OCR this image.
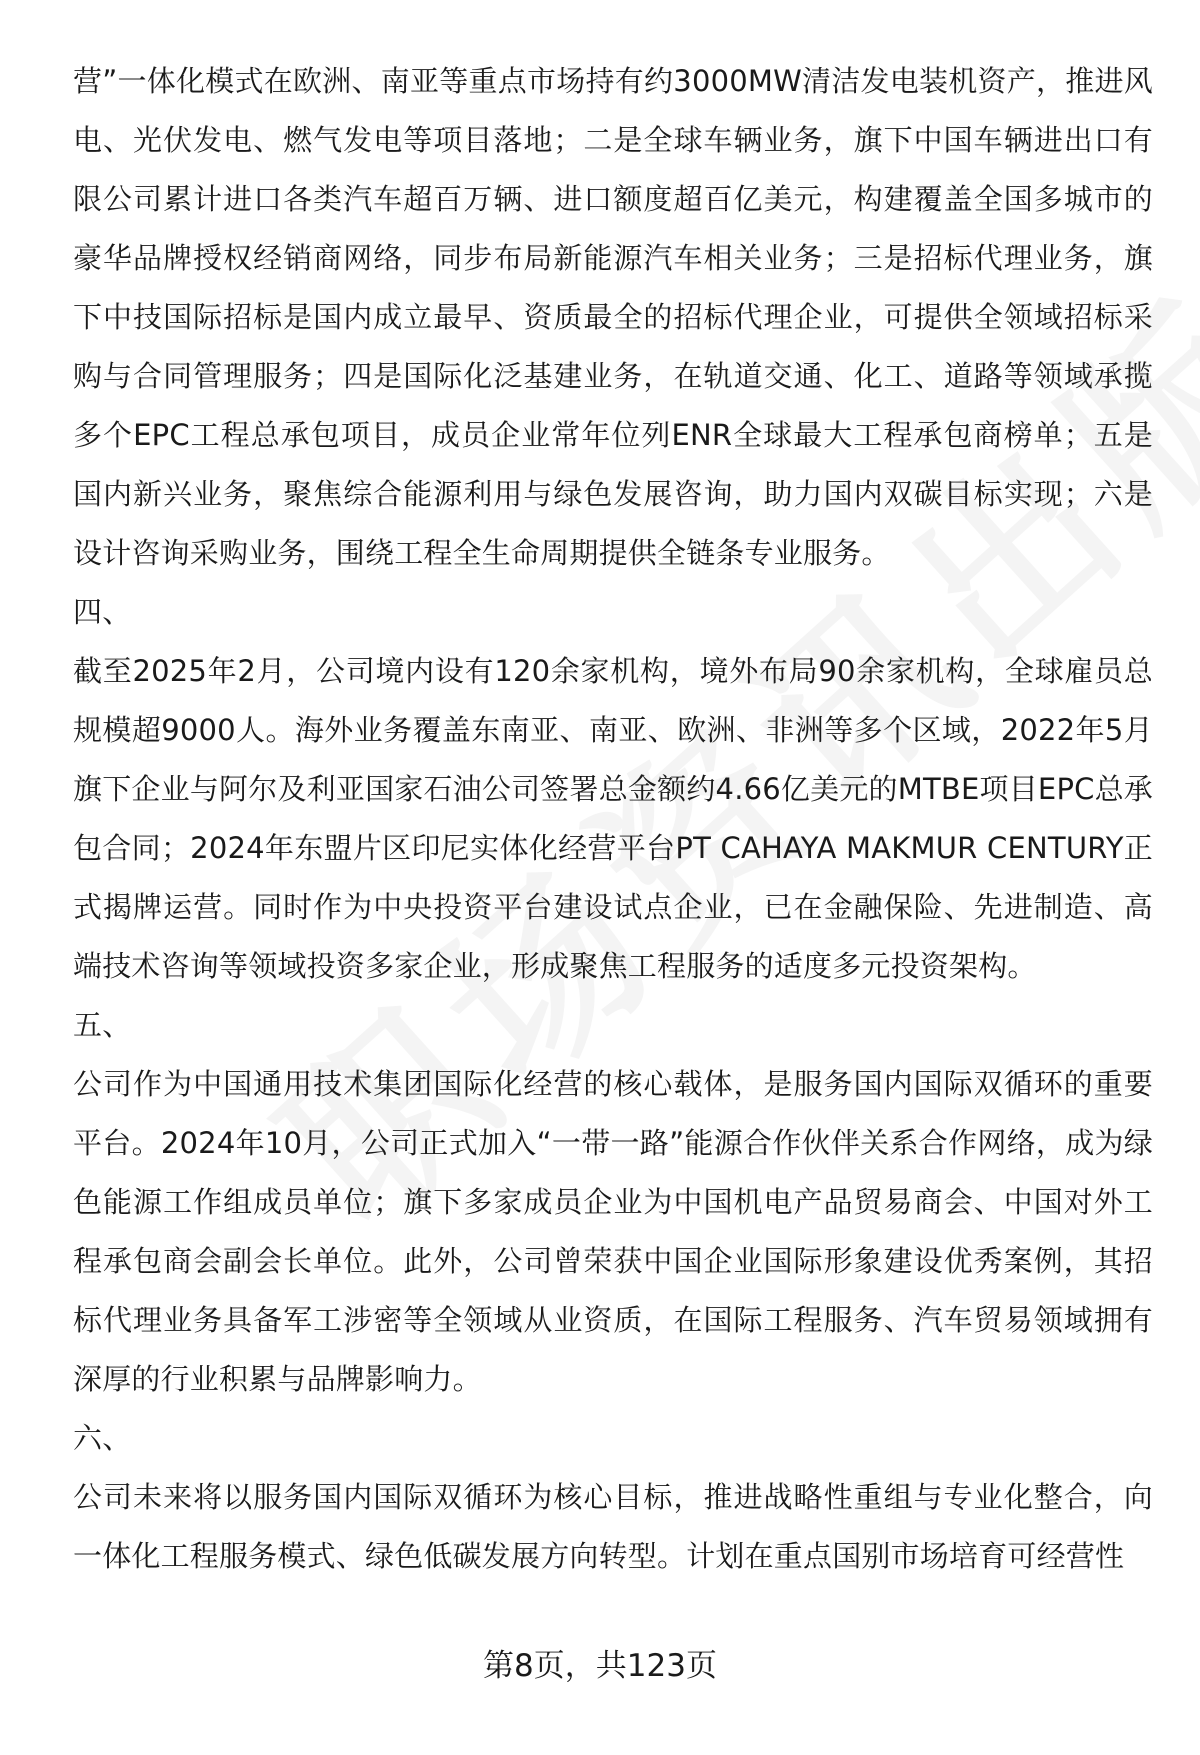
营”一体化模式在欧洲、南亚等重点市场持有约3000MW清洁发电装机资产，推进风电、光伏发电、燃气发电等项目落地；二是全球车辆业务，旗下中国车辆进出口有限公司累计进口各类汽车超百万辆、进口额度超百亿美元，构建覆盖全国多城市的豪华品牌授权经销商网络，同步布局新能源汽车相关业务；三是招标代理业务，旗下中技国际招标是国内成立最早、资质最全的招标代理企业，可提供全领域招标采购与合同管理服务；四是国际化泛基建业务，在轨道交通、化工、道路等领域承揽多个EPC工程总承包项目，成员企业常年位列ENR全球最大工程承包商榜单；五是国内新兴业务，聚焦综合能源利用与绿色发展咨询，助力国内双碳目标实现；六是设计咨询采购业务，围绕工程全生命周期提供全链条专业服务。

四、

截至2025年2月，公司境内设有120余家机构，境外布局90余家机构，全球雇员总规模超9000人。海外业务覆盖东南亚、南亚、欧洲、非洲等多个区域，2022年5月旗下企业与阿尔及利亚国家石油公司签署总金额约4.66亿美元的MTBE项目EPC总承包合同；2024年东盟片区印尼实体化经营平台PT CAHAYA MAKMUR CENTURY正式揭牌运营。同时作为中央投资平台建设试点企业，已在金融保险、先进制造、高端技术咨询等领域投资多家企业，形成聚焦工程服务的适度多元投资架构。

五、

公司作为中国通用技术集团国际化经营的核心载体，是服务国内国际双循环的重要平台。2024年10月，公司正式加入“一带一路”能源合作伙伴关系合作网络，成为绿色能源工作组成员单位；旗下多家成员企业为中国机电产品贸易商会、中国对外工程承包商会副会长单位。此外，公司曾荣获中国企业国际形象建设优秀案例，其招标代理业务具备军工涉密等全领域从业资质，在国际工程服务、汽车贸易领域拥有深厚的行业积累与品牌影响力。

六、

公司未来将以服务国内国际双循环为核心目标，推进战略性重组与专业化整合，向一体化工程服务模式、绿色低碳发展方向转型。计划在重点国别市场培育可经营性

第8页，共123页
